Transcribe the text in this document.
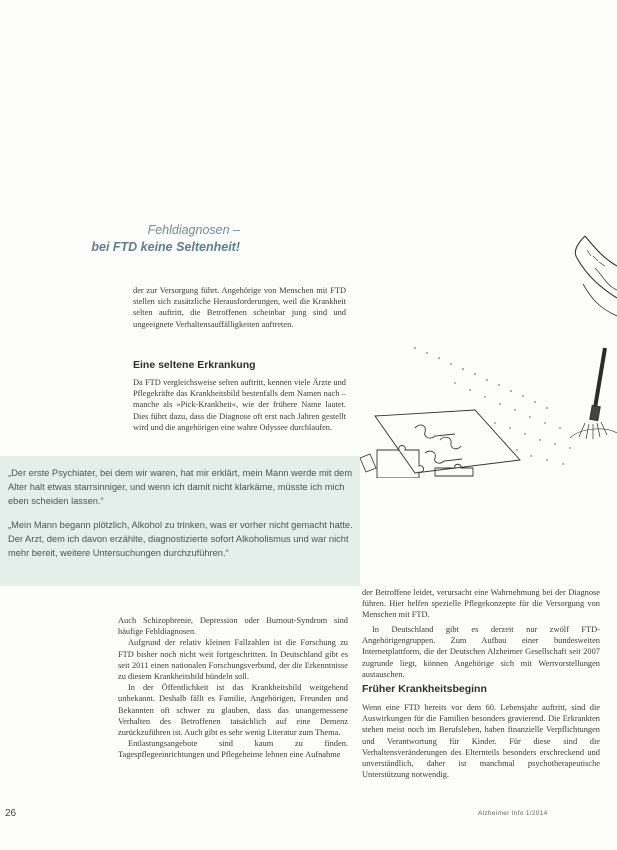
Fehldiagnosen –
bei FTD keine Seltenheit!

der zur Versorgung führt. Angehörige von Menschen mit FTD stellen sich zusätzliche Herausforderungen, weil die Krankheit selten auftritt, die Betroffenen scheinbar jung sind und ungeeignete Verhaltensauffälligkeiten auftreten.

Eine seltene Erkrankung

Da FTD vergleichsweise selten auftritt, kennen viele Ärzte und Pflegekräfte das Krankheitsbild bestenfalls dem Namen nach – manche als »Pick-Krankheit«, wie der frühere Name lautet. Dies führt dazu, dass die Diagnose oft erst nach Jahren gestellt wird und die angehörigen eine wahre Odyssee durchlaufen.

„Der erste Psychiater, bei dem wir waren, hat mir erklärt, mein Mann werde mit dem Alter halt etwas starrsinniger, und wenn ich damit nicht klarkäme, müsste ich mich eben scheiden lassen.“
„Mein Mann begann plötzlich, Alkohol zu trinken, was er vorher nicht gemacht hatte. Der Arzt, dem ich davon erzählte, diagnostizierte sofort Alkoholismus und war nicht mehr bereit, weitere Untersuchungen durchzuführen.“

der Betroffene leidet, verursacht eine Wahrnehmung bei der Diagnose führen. Hier helfen spezielle Pflegekonzepte für die Versorgung von Menschen mit FTD.

In Deutschland gibt es derzeit nur zwölf FTD-Angehörigengruppen. Zum Aufbau einer bundesweiten Internetplattform, die der Deutschen Alzheimer Gesellschaft seit 2007 zugrunde liegt, können Angehörige sich mit Wertvorstellungen austauschen.

Früher Krankheitsbeginn

Wenn eine FTD bereits vor dem 60. Lebensjahr auftritt, sind die Auswirkungen für die Familien besonders gravierend. Die Erkrankten stehen meist noch im Berufsleben, haben finanzielle Verpflichtungen und Verantwortung für Kinder. Für diese sind die Verhaltensveränderungen des Elternteils besonders erschreckend und unverständlich, daher ist manchmal psychotherapeutische Unterstützung notwendig.

Auch Schizophrenie, Depression oder Burnout-Syndrom sind häufige Fehldiagnosen.

Aufgrund der relativ kleinen Fallzahlen ist die Forschung zu FTD bisher noch nicht weit fortgeschritten. In Deutschland gibt es seit 2011 einen nationalen Forschungsverbund, der die Erkenntnisse zu diesem Krankheitsbild bündeln soll.

In der Öffentlichkeit ist das Krankheitsbild weitgehend unbekannt. Deshalb fällt es Familie, Angehörigen, Freunden und Bekannten oft schwer zu glauben, dass das unangemessene Verhalten des Betroffenen tatsächlich auf eine Demenz zurückzuführen ist. Auch gibt es sehr wenig Literatur zum Thema.

Entlastungsangebote sind kaum zu finden. Tagespflegeeinrichtungen und Pflegeheime lehnen eine Aufnahme

26	Alzheimer Info 1/2014
